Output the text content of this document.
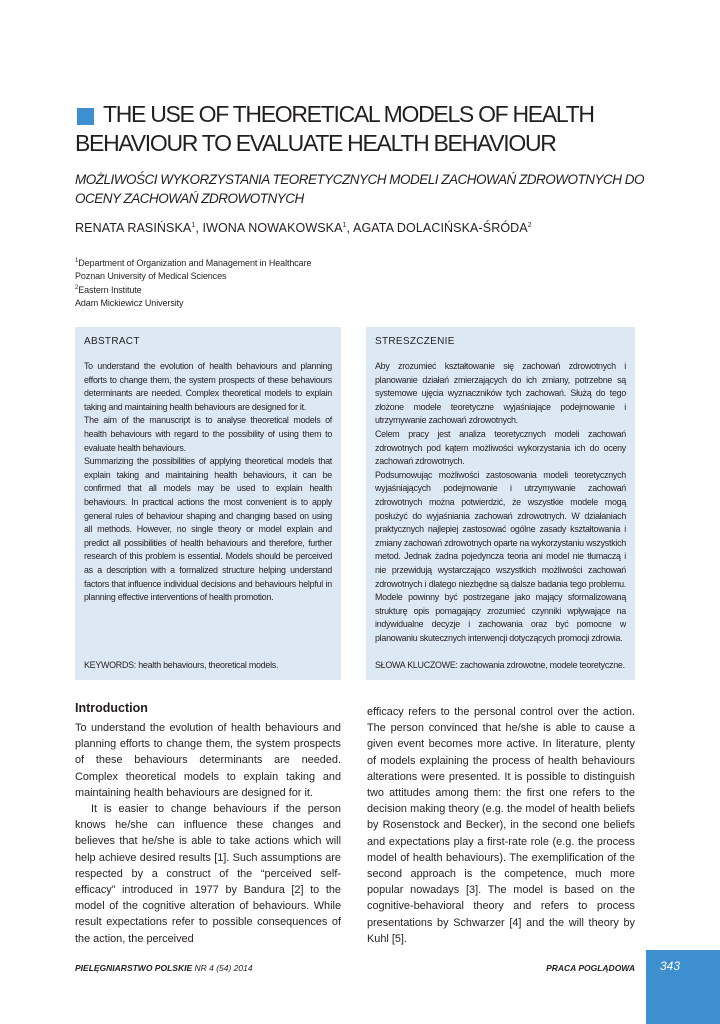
THE USE OF THEORETICAL MODELS OF HEALTH BEHAVIOUR TO EVALUATE HEALTH BEHAVIOUR

MOŻLIWOŚCI WYKORZYSTANIA TEORETYCZNYCH MODELI ZACHOWAŃ ZDROWOTNYCH DO OCENY ZACHOWAŃ ZDROWOTNYCH

RENATA RASIŃSKA$^1$, IWONA NOWAKOWSKA$^1$, AGATA DOLACIŃSKA-ŚRÓDA$^2$
$^1$Department of Organization and Management in Healthcare
Poznan University of Medical Sciences
$^2$Eastern Institute
Adam Mickiewicz University
ABSTRACT

To understand the evolution of health behaviours and planning efforts to change them, the system prospects of these behaviours determinants are needed. Complex theoretical models to explain taking and maintaining health behaviours are designed for it.

The aim of the manuscript is to analyse theoretical models of health behaviours with regard to the possibility of using them to evaluate health behaviours.

Summarizing the possibilities of applying theoretical models that explain taking and maintaining health behaviours, it can be confirmed that all models may be used to explain health behaviours. In practical actions the most convenient is to apply general rules of behaviour shaping and changing based on using all methods. However, no single theory or model explain and predict all possibilities of health behaviours and therefore, further research of this problem is essential. Models should be perceived as a description with a formalized structure helping understand factors that influence individual decisions and behaviours helpful in planning effective interventions of health promotion.

KEYWORDS: health behaviours, theoretical models.
STRESZCZENIE

Aby zrozumieć kształtowanie się zachowań zdrowotnych i planowanie działań zmierzających do ich zmiany, potrzebne są systemowe ujęcia wyznaczników tych zachowań. Służą do tego złożone modele teoretyczne wyjaśniające podejmowanie i utrzymywanie zachowań zdrowotnych.

Celem pracy jest analiza teoretycznych modeli zachowań zdrowotnych pod kątem możliwości wykorzystania ich do oceny zachowań zdrowotnych.

Podsumowując możliwości zastosowania modeli teoretycznych wyjaśniających podejmowanie i utrzymywanie zachowań zdrowotnych można potwierdzić, że wszystkie modele mogą posłużyć do wyjaśniania zachowań zdrowotnych. W działaniach praktycznych najlepiej zastosować ogólne zasady kształtowania i zmiany zachowań zdrowotnych oparte na wykorzystaniu wszystkich metod. Jednak żadna pojedyncza teoria ani model nie tłumaczą i nie przewidują wystarczająco wszystkich możliwości zachowań zdrowotnych i dlatego niezbędne są dalsze badania tego problemu. Modele powinny być postrzegane jako mający sformalizowaną strukturę opis pomagający zrozumieć czynniki wpływające na indywidualne decyzje i zachowania oraz być pomocne w planowaniu skutecznych interwencji dotyczących promocji zdrowia.

SŁOWA KLUCZOWE: zachowania zdrowotne, modele teoretyczne.
Introduction

To understand the evolution of health behaviours and planning efforts to change them, the system prospects of these behaviours determinants are needed. Complex theoretical models to explain taking and maintaining health behaviours are designed for it.

It is easier to change behaviours if the person knows he/she can influence these changes and believes that he/she is able to take actions which will help achieve desired results [1]. Such assumptions are respected by a construct of the “perceived self-efficacy” introduced in 1977 by Bandura [2] to the model of the cognitive alteration of behaviours. While result expectations refer to possible consequences of the action, the perceived

efficacy refers to the personal control over the action. The person convinced that he/she is able to cause a given event becomes more active. In literature, plenty of models explaining the process of health behaviours alterations were presented. It is possible to distinguish two attitudes among them: the first one refers to the decision making theory (e.g. the model of health beliefs by Rosenstock and Becker), in the second one beliefs and expectations play a first-rate role (e.g. the process model of health behaviours). The exemplification of the second approach is the competence, much more popular nowadays [3]. The model is based on the cognitive-behavioral theory and refers to process presentations by Schwarzer [4] and the will theory by Kuhl [5].

PIELĘGNIARSTWO POLSKIE NR 4 (54) 2014	PRACA POGLĄDOWA 343
